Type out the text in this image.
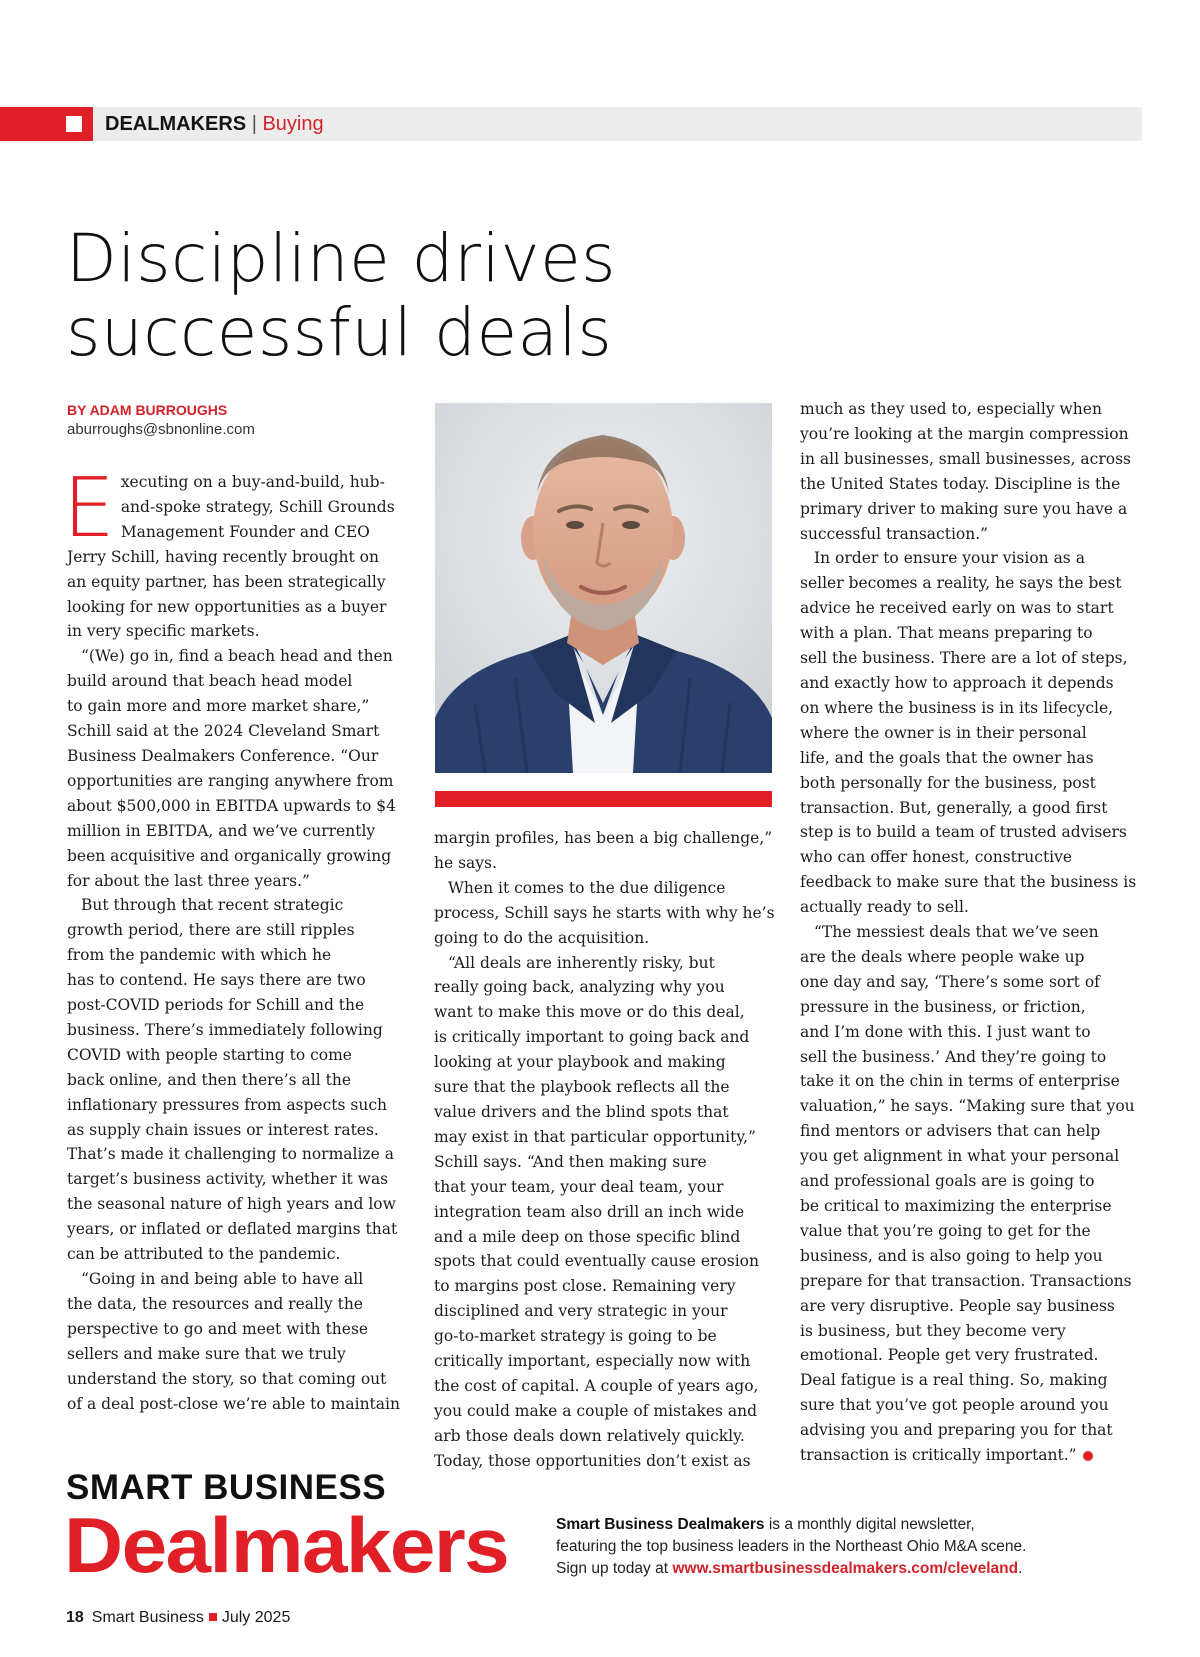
DEALMAKERS | Buying
Discipline drives
successful deals
BY ADAM BURROUGHS
aburroughs@sbnonline.com

Executing on a buy-and-build, hub-
and-spoke strategy, Schill Grounds
Management Founder and CEO
Jerry Schill, having recently brought on
an equity partner, has been strategically
looking for new opportunities as a buyer
in very specific markets.

“(We) go in, find a beach head and then
build around that beach head model
to gain more and more market share,”
Schill said at the 2024 Cleveland Smart
Business Dealmakers Conference. “Our
opportunities are ranging anywhere from
about $500,000 in EBITDA upwards to $4
million in EBITDA, and we’ve currently
been acquisitive and organically growing
for about the last three years.”

But through that recent strategic
growth period, there are still ripples
from the pandemic with which he
has to contend. He says there are two
post-COVID periods for Schill and the
business. There’s immediately following
COVID with people starting to come
back online, and then there’s all the
inflationary pressures from aspects such
as supply chain issues or interest rates.
That’s made it challenging to normalize a
target’s business activity, whether it was
the seasonal nature of high years and low
years, or inflated or deflated margins that
can be attributed to the pandemic.

“Going in and being able to have all
the data, the resources and really the
perspective to go and meet with these
sellers and make sure that we truly
understand the story, so that coming out
of a deal post-close we’re able to maintain

margin profiles, has been a big challenge,”
he says.

When it comes to the due diligence
process, Schill says he starts with why he’s
going to do the acquisition.

“All deals are inherently risky, but
really going back, analyzing why you
want to make this move or do this deal,
is critically important to going back and
looking at your playbook and making
sure that the playbook reflects all the
value drivers and the blind spots that
may exist in that particular opportunity,”
Schill says. “And then making sure
that your team, your deal team, your
integration team also drill an inch wide
and a mile deep on those specific blind
spots that could eventually cause erosion
to margins post close. Remaining very
disciplined and very strategic in your
go-to-market strategy is going to be
critically important, especially now with
the cost of capital. A couple of years ago,
you could make a couple of mistakes and
arb those deals down relatively quickly.
Today, those opportunities don’t exist as

much as they used to, especially when
you’re looking at the margin compression
in all businesses, small businesses, across
the United States today. Discipline is the
primary driver to making sure you have a
successful transaction.”

In order to ensure your vision as a
seller becomes a reality, he says the best
advice he received early on was to start
with a plan. That means preparing to
sell the business. There are a lot of steps,
and exactly how to approach it depends
on where the business is in its lifecycle,
where the owner is in their personal
life, and the goals that the owner has
both personally for the business, post
transaction. But, generally, a good first
step is to build a team of trusted advisers
who can offer honest, constructive
feedback to make sure that the business is
actually ready to sell.

“The messiest deals that we’ve seen
are the deals where people wake up
one day and say, ‘There’s some sort of
pressure in the business, or friction,
and I’m done with this. I just want to
sell the business.’ And they’re going to
take it on the chin in terms of enterprise
valuation,” he says. “Making sure that you
find mentors or advisers that can help
you get alignment in what your personal
and professional goals are is going to
be critical to maximizing the enterprise
value that you’re going to get for the
business, and is also going to help you
prepare for that transaction. Transactions
are very disruptive. People say business
is business, but they become very
emotional. People get very frustrated.
Deal fatigue is a real thing. So, making
sure that you’ve got people around you
advising you and preparing you for that
transaction is critically important.”

SMART BUSINESS
Dealmakers	Smart Business Dealmakers is a monthly digital newsletter,
featuring the top business leaders in the Northeast Ohio M&A scene.
Sign up today at www.smartbusinessdealmakers.com/cleveland.
18 Smart Business July 2025
